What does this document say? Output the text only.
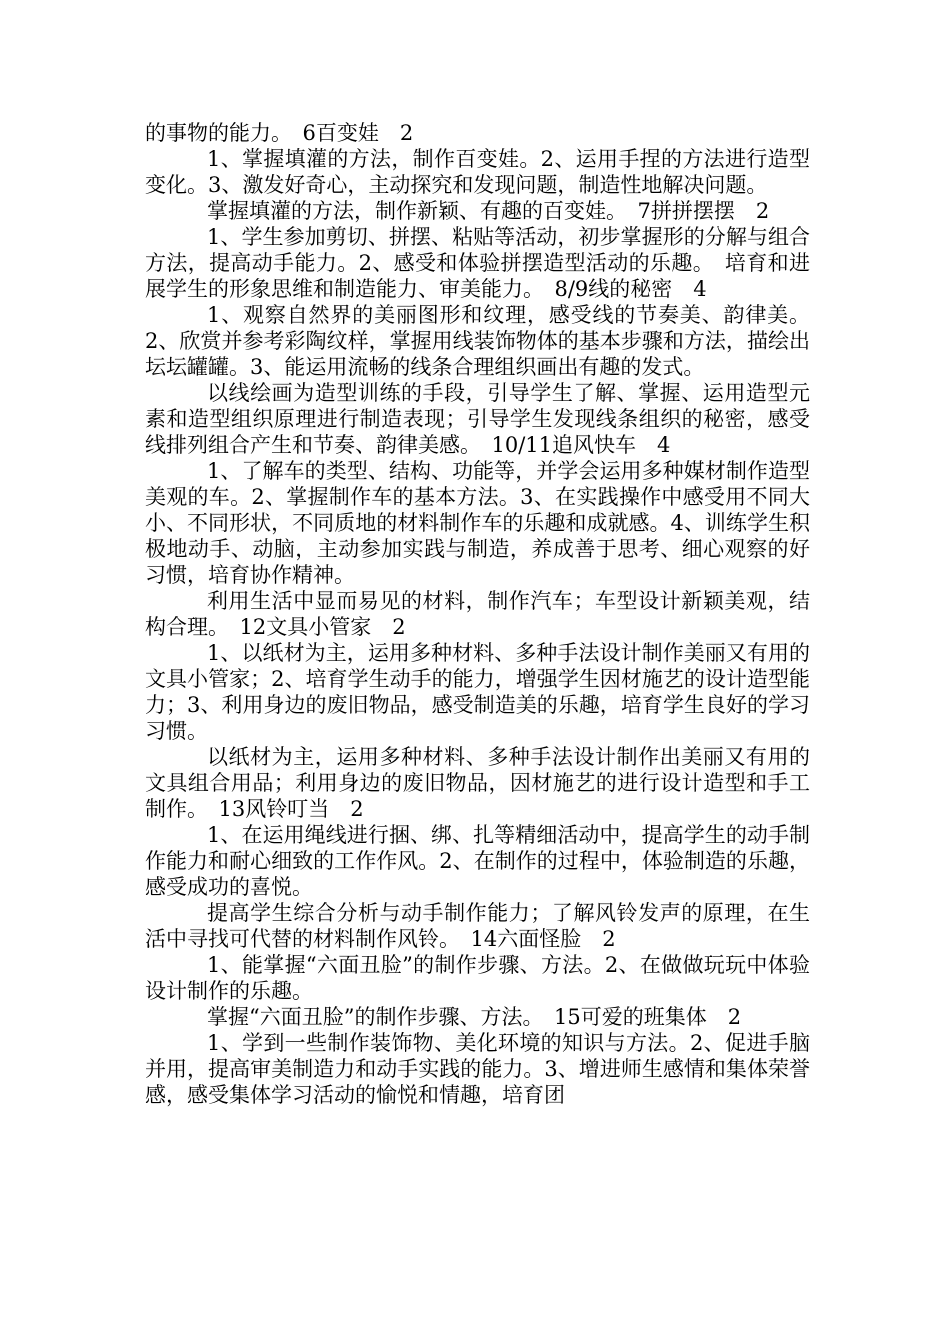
的事物的能力。　6百变娃　2

1、掌握填灌的方法，制作百变娃。2、运用手捏的方法进行造型变化。3、激发好奇心，主动探究和发现问题，制造性地解决问题。

掌握填灌的方法，制作新颖、有趣的百变娃。　7拼拼摆摆　2

1、学生参加剪切、拼摆、粘贴等活动，初步掌握形的分解与组合方法，提高动手能力。2、感受和体验拼摆造型活动的乐趣。　培育和进展学生的形象思维和制造能力、审美能力。　8/9线的秘密　4

1、观察自然界的美丽图形和纹理，感受线的节奏美、韵律美。2、欣赏并参考彩陶纹样，掌握用线装饰物体的基本步骤和方法，描绘出坛坛罐罐。3、能运用流畅的线条合理组织画出有趣的发式。

以线绘画为造型训练的手段，引导学生了解、掌握、运用造型元素和造型组织原理进行制造表现；引导学生发现线条组织的秘密，感受线排列组合产生和节奏、韵律美感。　10/11追风快车　4

1、了解车的类型、结构、功能等，并学会运用多种媒材制作造型美观的车。2、掌握制作车的基本方法。3、在实践操作中感受用不同大小、不同形状，不同质地的材料制作车的乐趣和成就感。4、训练学生积极地动手、动脑，主动参加实践与制造，养成善于思考、细心观察的好习惯，培育协作精神。

利用生活中显而易见的材料，制作汽车；车型设计新颖美观，结构合理。　12文具小管家　2

1、以纸材为主，运用多种材料、多种手法设计制作美丽又有用的文具小管家；2、培育学生动手的能力，增强学生因材施艺的设计造型能力；3、利用身边的废旧物品，感受制造美的乐趣，培育学生良好的学习习惯。

以纸材为主，运用多种材料、多种手法设计制作出美丽又有用的文具组合用品；利用身边的废旧物品，因材施艺的进行设计造型和手工制作。　13风铃叮当　2

1、在运用绳线进行捆、绑、扎等精细活动中，提高学生的动手制作能力和耐心细致的工作作风。2、在制作的过程中，体验制造的乐趣，感受成功的喜悦。

提高学生综合分析与动手制作能力；了解风铃发声的原理，在生活中寻找可代替的材料制作风铃。　14六面怪脸　2

1、能掌握“六面丑脸”的制作步骤、方法。2、在做做玩玩中体验设计制作的乐趣。

掌握“六面丑脸”的制作步骤、方法。　15可爱的班集体　2

1、学到一些制作装饰物、美化环境的知识与方法。2、促进手脑并用，提高审美制造力和动手实践的能力。3、增进师生感情和集体荣誉感，感受集体学习活动的愉悦和情趣，培育团
